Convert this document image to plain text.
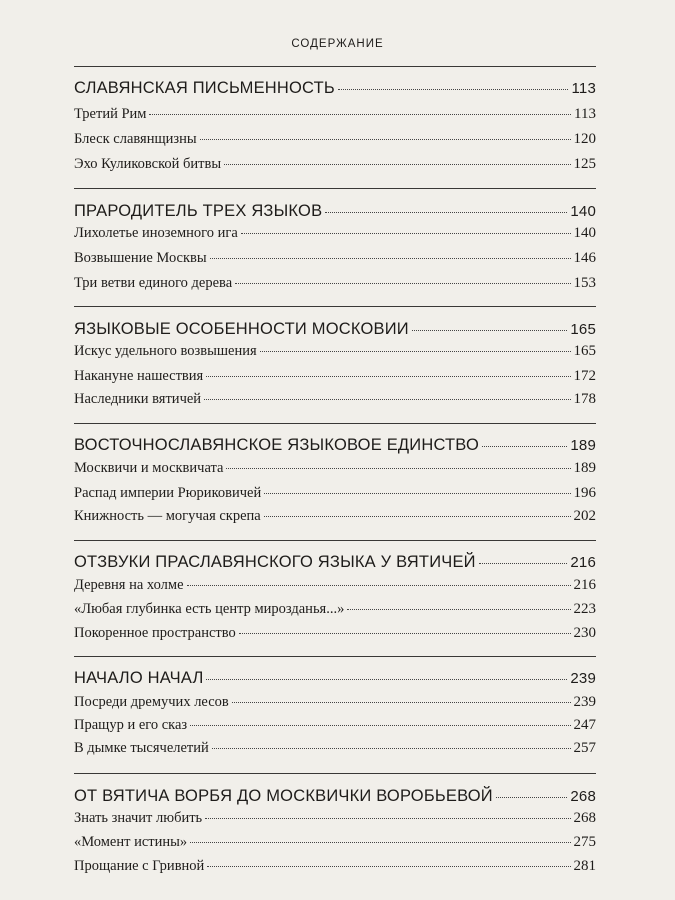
СОДЕРЖАНИЕ
СЛАВЯНСКАЯ ПИСЬМЕННОСТЬ	113
Третий Рим	113
Блеск славянщизны	120
Эхо Куликовской битвы	125
ПРАРОДИТЕЛЬ ТРЕХ ЯЗЫКОВ	140
Лихолетье иноземного ига	140
Возвышение Москвы	146
Три ветви единого дерева	153
ЯЗЫКОВЫЕ ОСОБЕННОСТИ МОСКОВИИ	165
Искус удельного возвышения	165
Накануне нашествия	172
Наследники вятичей	178
ВОСТОЧНОСЛАВЯНСКОЕ ЯЗЫКОВОЕ ЕДИНСТВО	189
Москвичи и москвичата	189
Распад империи Рюриковичей	196
Книжность — могучая скрепа	202
ОТЗВУКИ ПРАСЛАВЯНСКОГО ЯЗЫКА У ВЯТИЧЕЙ	216
Деревня на холме	216
«Любая глубинка есть центр мирозданья...»	223
Покоренное пространство	230
НАЧАЛО НАЧАЛ	239
Посреди дремучих лесов	239
Пращур и его сказ	247
В дымке тысячелетий	257
ОТ ВЯТИЧА ВОРБЯ ДО МОСКВИЧКИ ВОРОБЬЕВОЙ	268
Знать значит любить	268
«Момент истины»	275
Прощание с Гривной	281
